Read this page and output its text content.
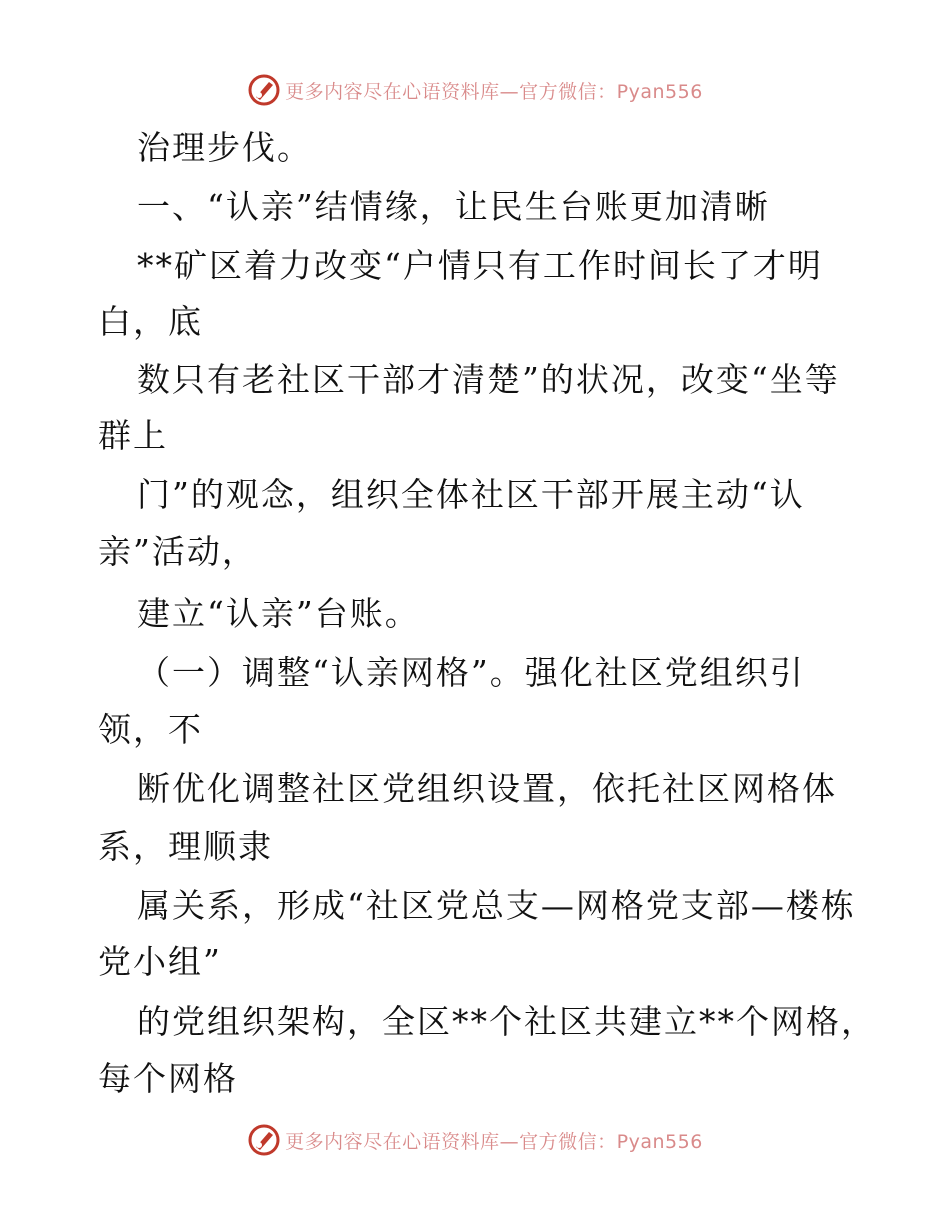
更多内容尽在心语资料库—官方微信：Pyan556
治理步伐。
一、“认亲”结情缘，让民生台账更加清晰
**矿区着力改变“户情只有工作时间长了才明
白，底
数只有老社区干部才清楚”的状况，改变“坐等
群上
门”的观念，组织全体社区干部开展主动“认
亲”活动，
建立“认亲”台账。
（一）调整“认亲网格”。强化社区党组织引
领，不
断优化调整社区党组织设置，依托社区网格体
系，理顺隶
属关系，形成“社区党总支—网格党支部—楼栋
党小组”
的党组织架构，全区**个社区共建立**个网格，
每个网格
更多内容尽在心语资料库—官方微信：Pyan556
